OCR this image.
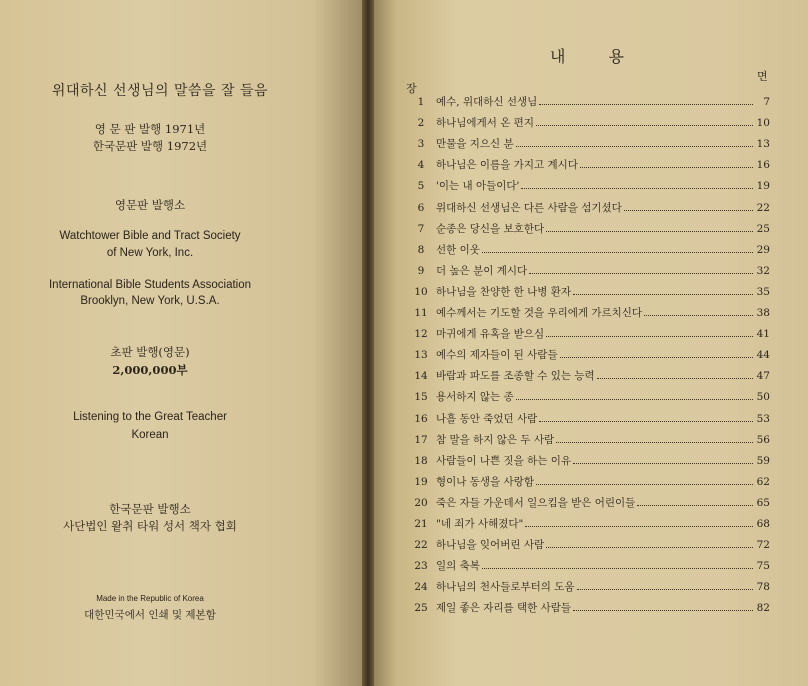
위대하신 선생님의 말씀을 잘 들음
영 문 판 발행 1971년
한국문판 발행 1972년
영문판 발행소
Watchtower Bible and Tract Society
of New York, Inc.
International Bible Students Association
Brooklyn, New York, U.S.A.
초판 발행(영문)
2,000,000부
Listening to the Great Teacher
Korean
한국문판 발행소
사단법인 왙취 타워 성서 책자 협회
Made in the Republic of Korea
대한민국에서 인쇄 및 제본함
내 용
장
면
1	예수, 위대하신 선생님	7
2	하나님에게서 온 편지	10
3	만물을 지으신 분	13
4	하나님은 이름을 가지고 계시다	16
5	'이는 내 아들이다'	19
6	위대하신 선생님은 다른 사람을 섬기셨다	22
7	순종은 당신을 보호한다	25
8	선한 이웃	29
9	더 높은 분이 계시다	32
10 하나님을 찬양한 한 나병 환자	35
11 예수께서는 기도할 것을 우리에게 가르치신다	38
12 마귀에게 유혹을 받으심	41
13 예수의 제자들이 된 사람들	44
14 바람과 파도를 조종할 수 있는 능력	47
15 용서하지 않는 종	50
16 나흘 동안 죽었던 사람	53
17 참 말을 하지 않은 두 사람	56
18 사람들이 나쁜 짓을 하는 이유	59
19 형이나 동생을 사랑함	62
20 죽은 자들 가운데서 일으킴을 받은 어린이들	65
21 "네 죄가 사해졌다"	68
22 하나님을 잊어버린 사람	72
23 일의 축복	75
24 하나님의 천사들로부터의 도움	78
25 제일 좋은 자리를 택한 사람들	82
